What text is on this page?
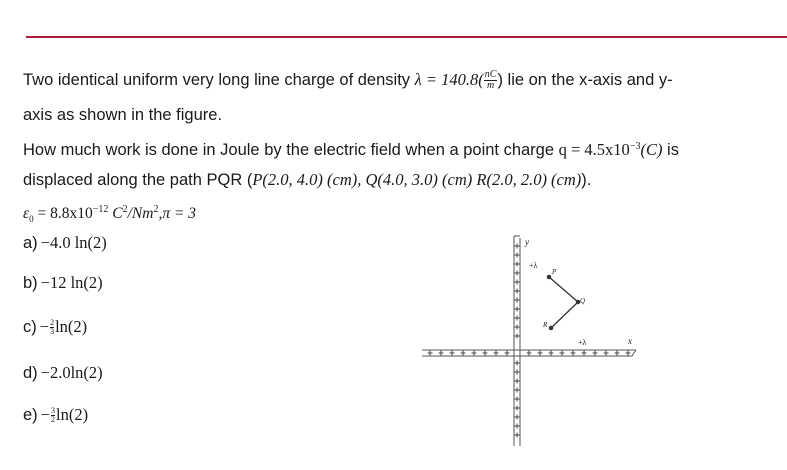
Two identical uniform very long line charge of density $\lambda = 140.8( \frac{nC}{m}$ ) lie on the x-axis and y-
axis as shown in the figure.
How much work is done in Joule by the electric field when a point charge $q = 4.5x10^{-3}(C)$ is
displaced along the path PQR (P(2.0, 4.0) (cm), Q(4.0, 3.0) (cm) R(2.0, 2.0) (cm)).
$\varepsilon_0 = 8.8x10^{-12}$ $C^2/Nm^2,\pi = 3$
a) −4.0 ln(2)
b) −12 ln(2)
$c) - \frac{2}{3}\ln(2)$
d) −2.0ln(2)
$e) - \frac{3}{2}\ln(2)$
y
x
+λ
+λ
P
Q
R
